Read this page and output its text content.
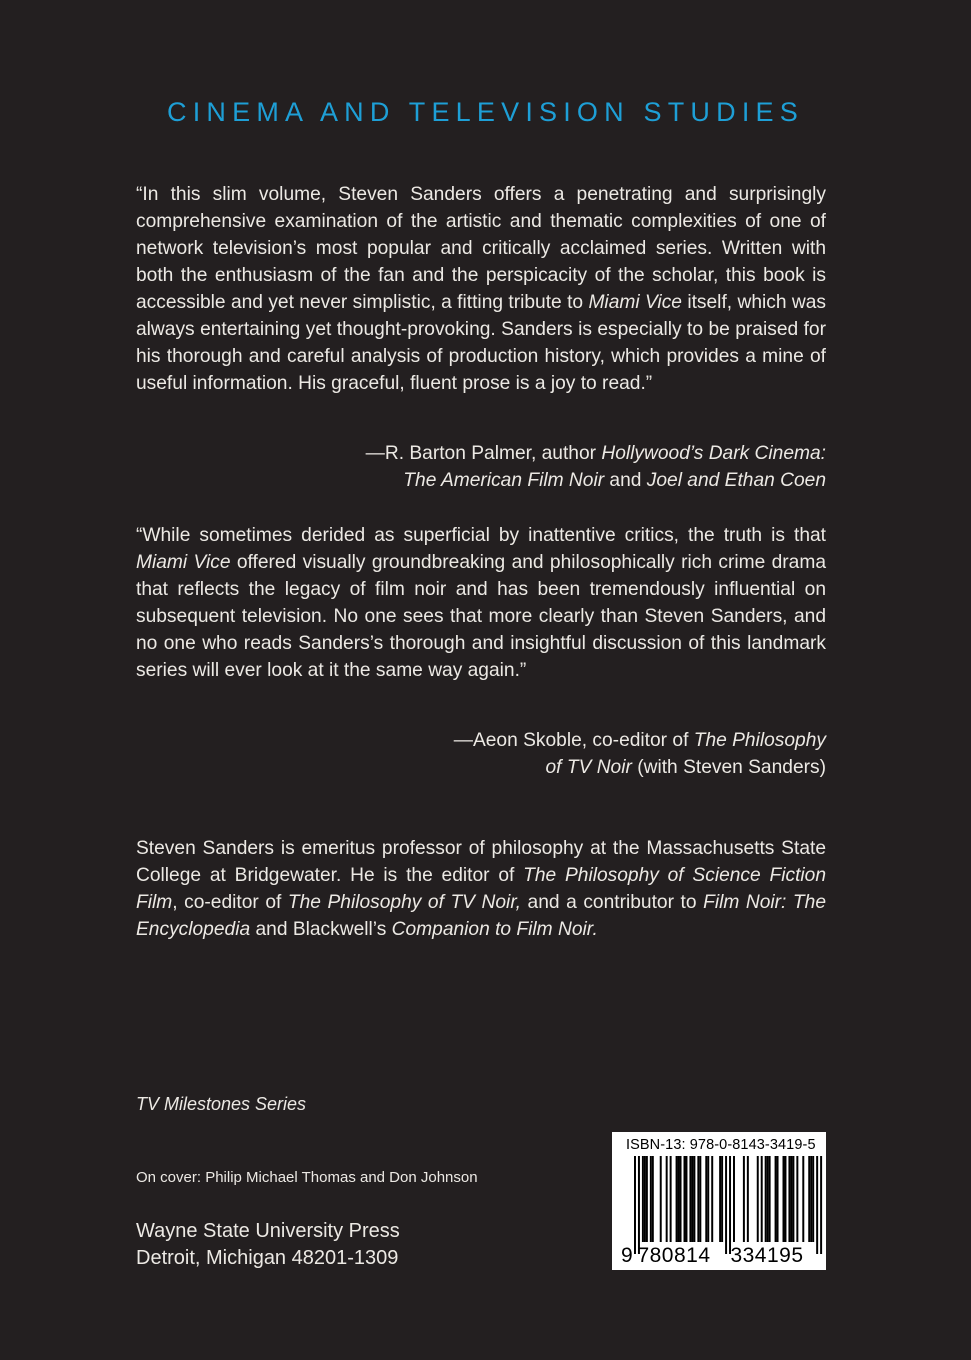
CINEMA AND TELEVISION STUDIES
“In this slim volume, Steven Sanders offers a penetrating and surprisingly comprehensive examination of the artistic and thematic complexities of one of network television’s most popular and critically acclaimed series. Written with both the enthusiasm of the fan and the perspicacity of the scholar, this book is accessible and yet never simplistic, a fitting tribute to Miami Vice itself, which was always entertaining yet thought-provoking. Sanders is especially to be praised for his thorough and careful analysis of production history, which provides a mine of useful information. His graceful, fluent prose is a joy to read.”
—R. Barton Palmer, author Hollywood’s Dark Cinema:
The American Film Noir and Joel and Ethan Coen
“While sometimes derided as superficial by inattentive critics, the truth is that Miami Vice offered visually groundbreaking and philosophically rich crime drama that reflects the legacy of film noir and has been tremendously influential on subsequent television. No one sees that more clearly than Steven Sanders, and no one who reads Sanders’s thorough and insightful discussion of this landmark series will ever look at it the same way again.”
—Aeon Skoble, co-editor of The Philosophy
of TV Noir (with Steven Sanders)
Steven Sanders is emeritus professor of philosophy at the Massachusetts State College at Bridgewater. He is the editor of The Philosophy of Science Fiction Film, co-editor of The Philosophy of TV Noir, and a contributor to Film Noir: The Encyclopedia and Blackwell’s Companion to Film Noir.
TV Milestones Series
On cover: Philip Michael Thomas and Don Johnson
Wayne State University Press
Detroit, Michigan 48201-1309
ISBN-13: 978-0-8143-3419-5
9 780814 334195
